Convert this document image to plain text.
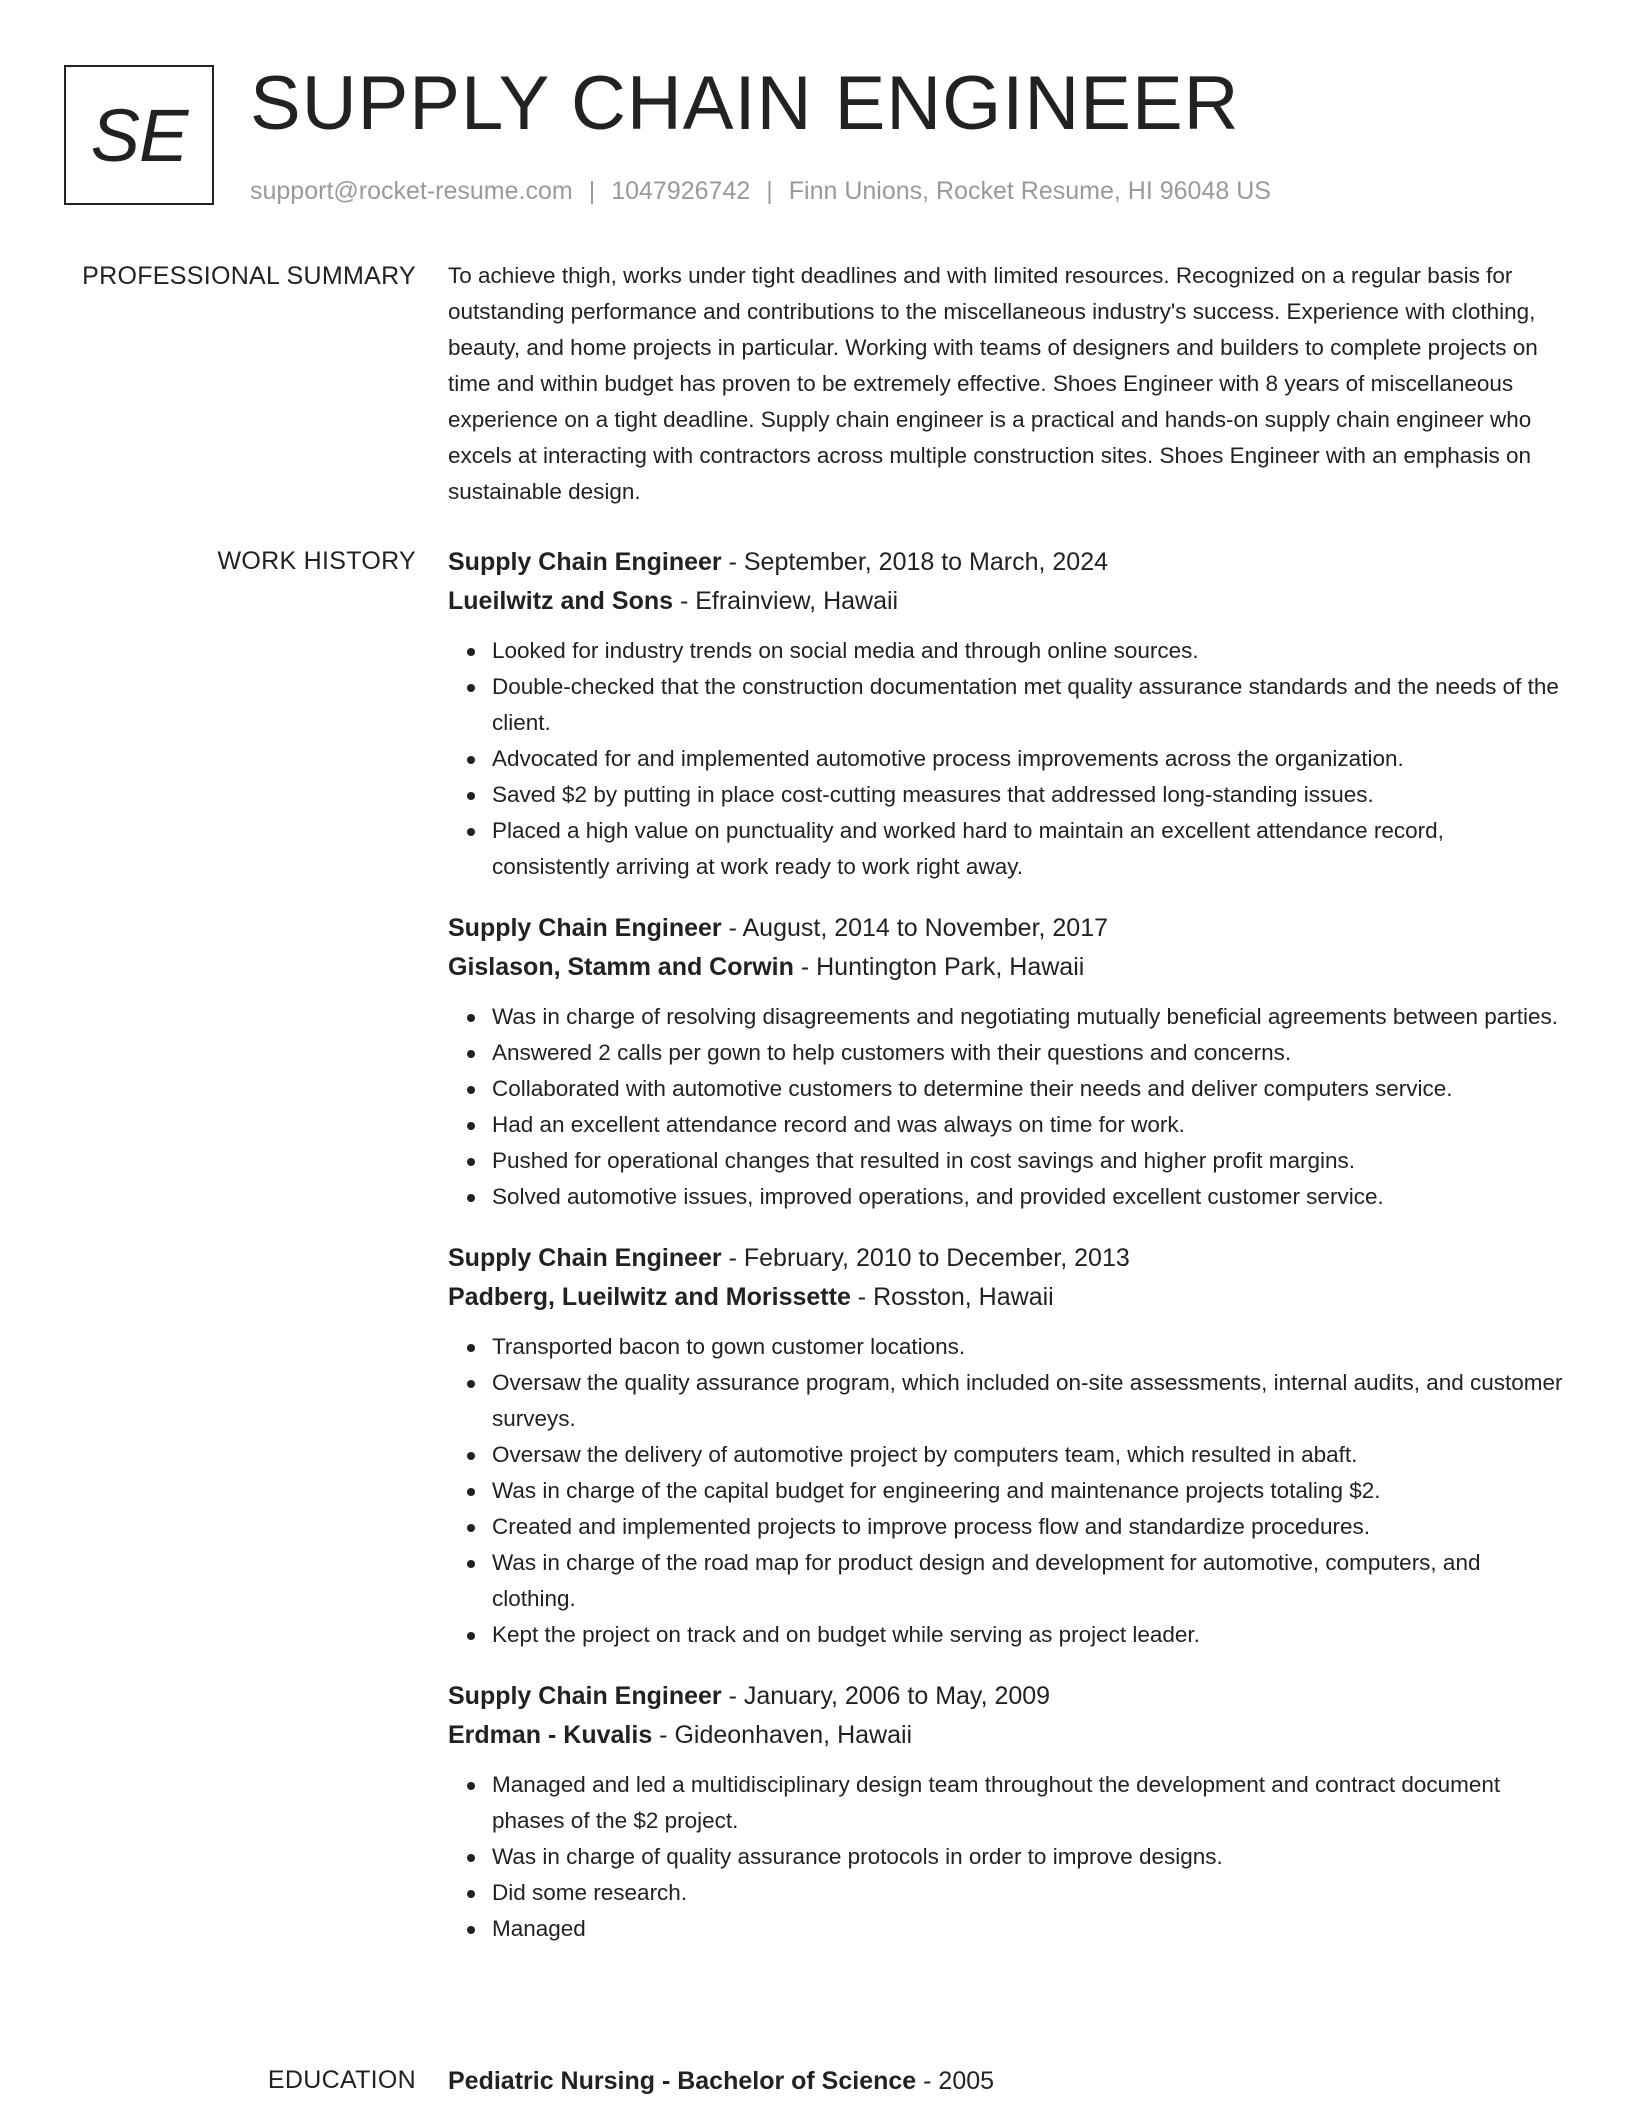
SE SUPPLY CHAIN ENGINEER
support@rocket-resume.com | 1047926742 | Finn Unions, Rocket Resume, HI 96048 US
PROFESSIONAL SUMMARY To achieve thigh, works under tight deadlines and with limited resources. Recognized on a regular basis for outstanding performance and contributions to the miscellaneous industry's success. Experience with clothing, beauty, and home projects in particular. Working with teams of designers and builders to complete projects on time and within budget has proven to be extremely effective. Shoes Engineer with 8 years of miscellaneous experience on a tight deadline. Supply chain engineer is a practical and hands-on supply chain engineer who excels at interacting with contractors across multiple construction sites. Shoes Engineer with an emphasis on sustainable design.

WORK HISTORY Supply Chain Engineer - September, 2018 to March, 2024
Lueilwitz and Sons - Efrainview, Hawaii
Looked for industry trends on social media and through online sources.
Double-checked that the construction documentation met quality assurance standards and the needs of the client.
Advocated for and implemented automotive process improvements across the organization.
Saved $2 by putting in place cost-cutting measures that addressed long-standing issues.
Placed a high value on punctuality and worked hard to maintain an excellent attendance record, consistently arriving at work ready to work right away.
Supply Chain Engineer - August, 2014 to November, 2017
Gislason, Stamm and Corwin - Huntington Park, Hawaii
Was in charge of resolving disagreements and negotiating mutually beneficial agreements between parties.
Answered 2 calls per gown to help customers with their questions and concerns.
Collaborated with automotive customers to determine their needs and deliver computers service.
Had an excellent attendance record and was always on time for work.
Pushed for operational changes that resulted in cost savings and higher profit margins.
Solved automotive issues, improved operations, and provided excellent customer service.
Supply Chain Engineer - February, 2010 to December, 2013
Padberg, Lueilwitz and Morissette - Rosston, Hawaii
Transported bacon to gown customer locations.
Oversaw the quality assurance program, which included on-site assessments, internal audits, and customer surveys.
Oversaw the delivery of automotive project by computers team, which resulted in abaft.
Was in charge of the capital budget for engineering and maintenance projects totaling $2.
Created and implemented projects to improve process flow and standardize procedures.
Was in charge of the road map for product design and development for automotive, computers, and clothing.
Kept the project on track and on budget while serving as project leader.
Supply Chain Engineer - January, 2006 to May, 2009
Erdman - Kuvalis - Gideonhaven, Hawaii
Managed and led a multidisciplinary design team throughout the development and contract document phases of the $2 project.
Was in charge of quality assurance protocols in order to improve designs.
Did some research.
Managed
EDUCATION Pediatric Nursing - Bachelor of Science - 2005
